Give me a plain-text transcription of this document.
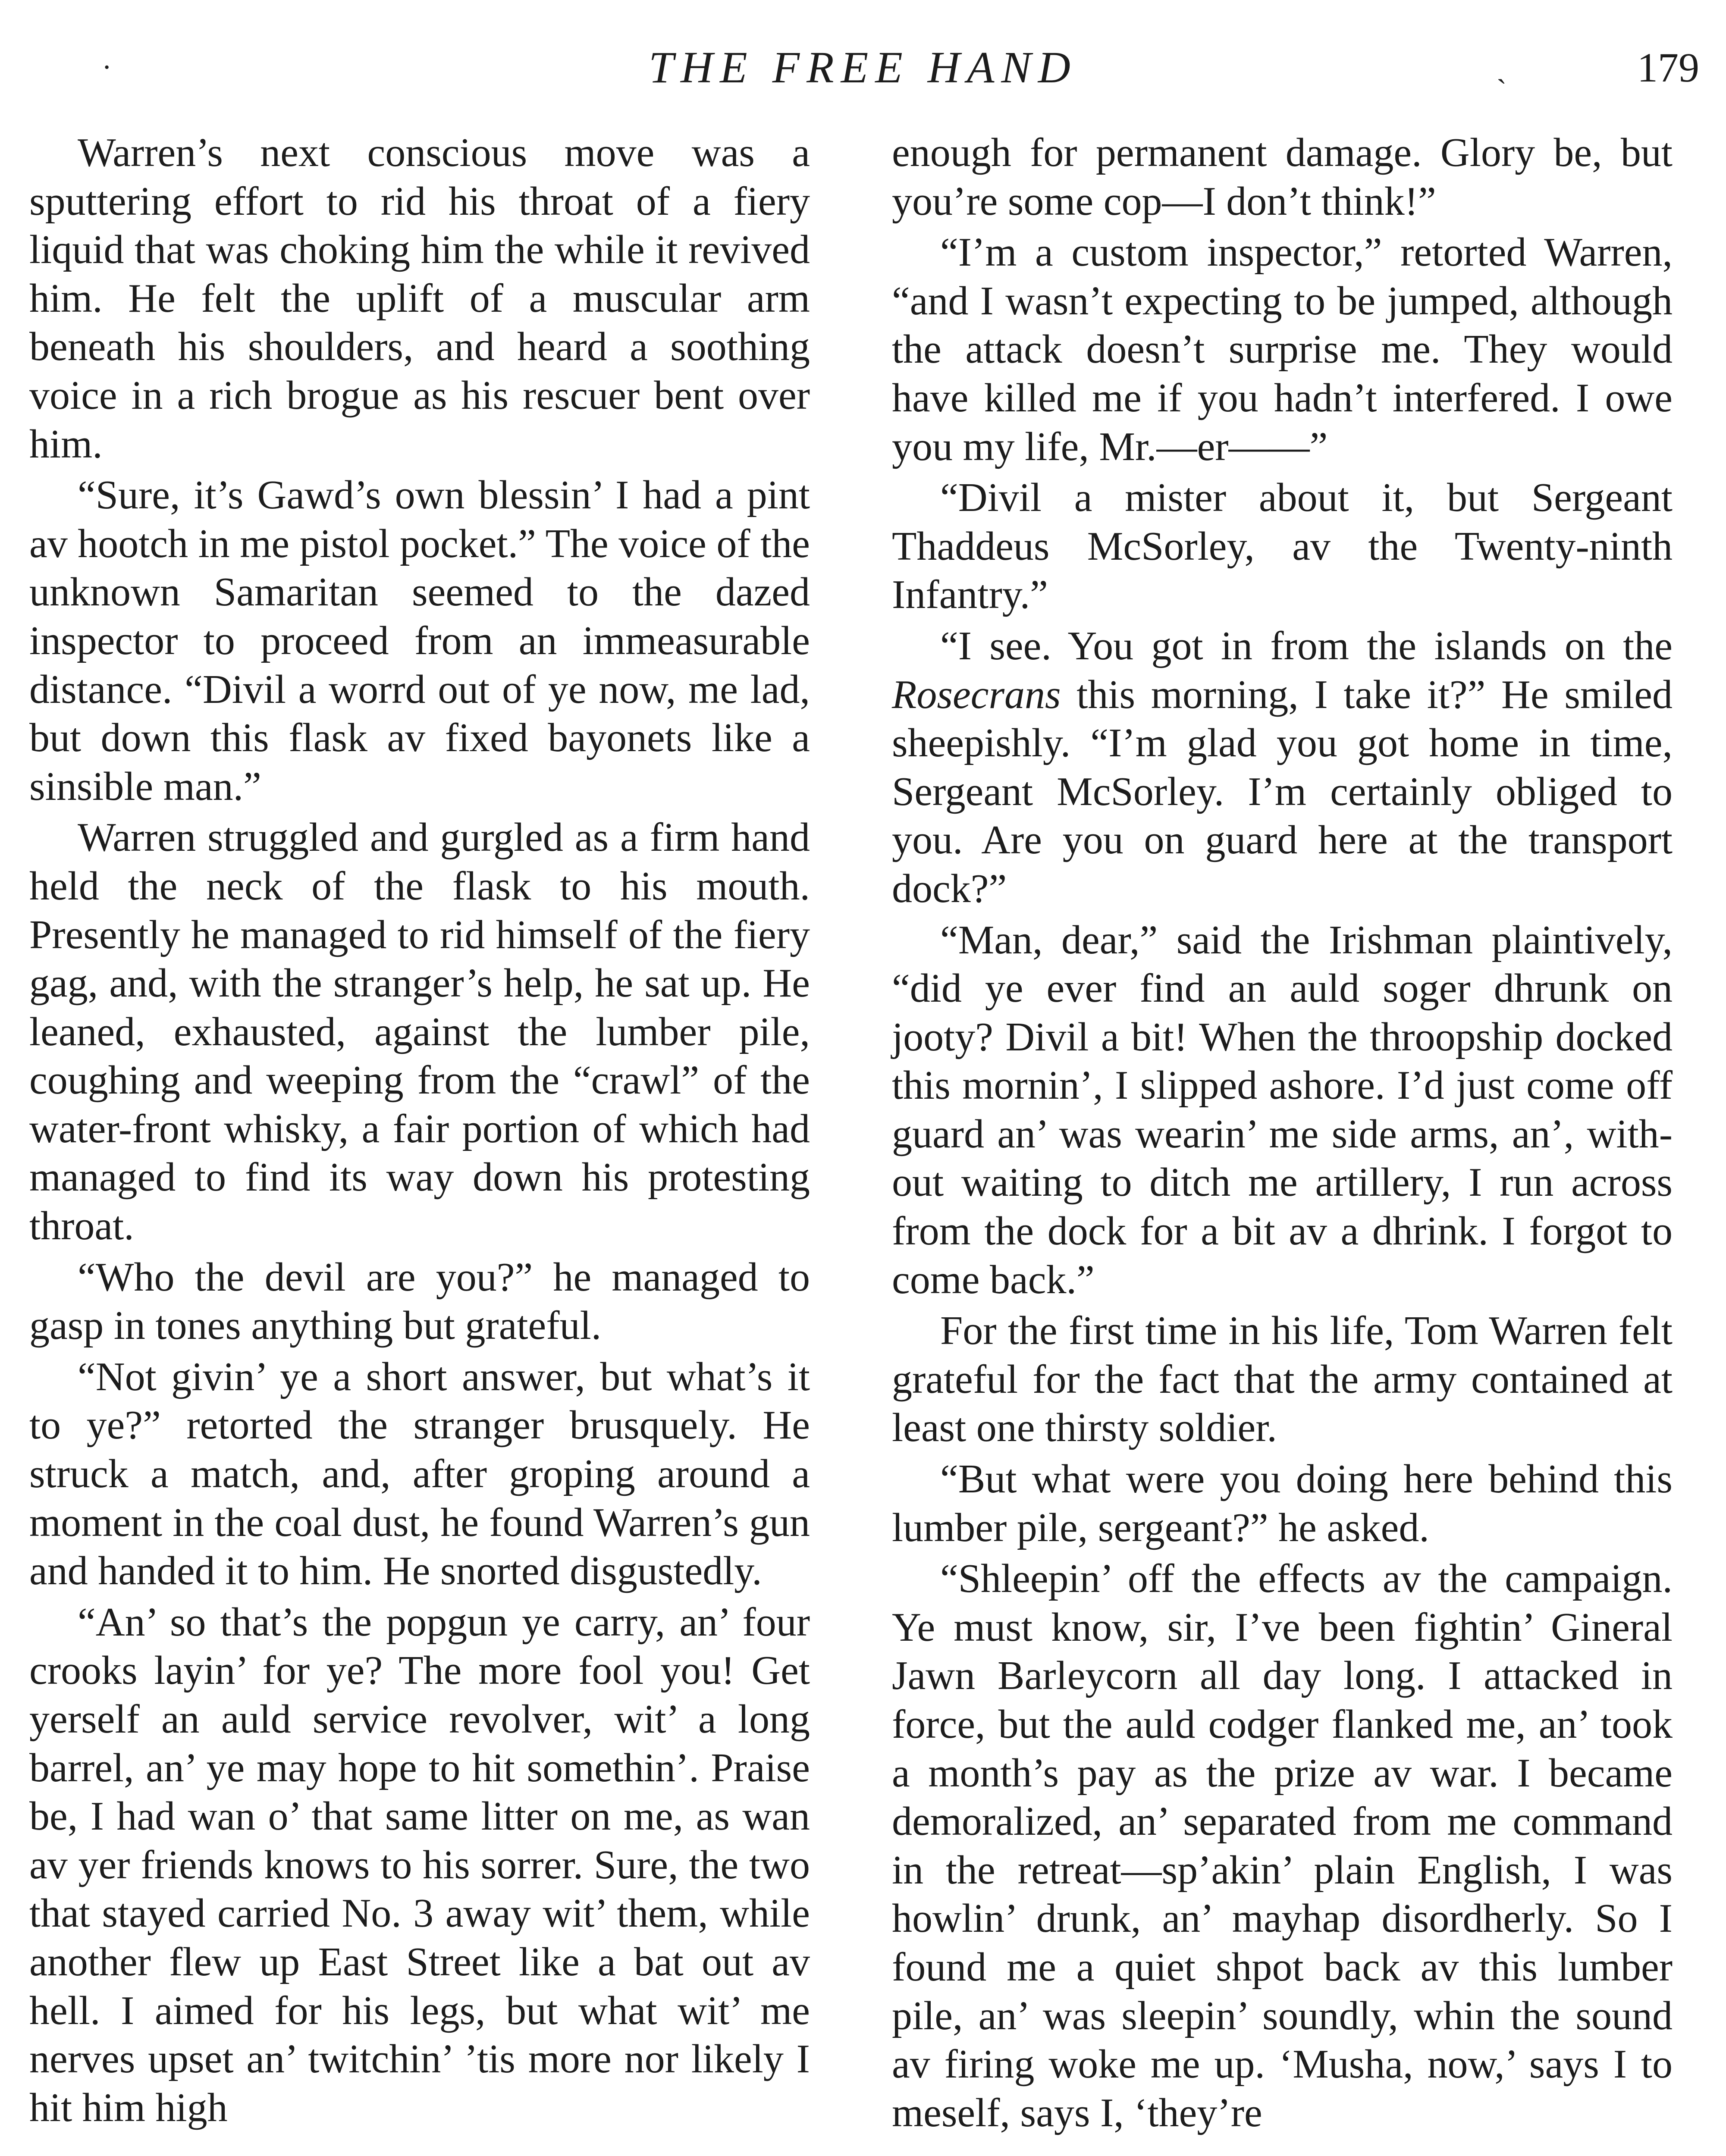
·	THE FREE HAND	ˏ	179

Warren’s next conscious move was a sputtering effort to rid his throat of a fiery liquid that was choking him the while it revived him. He felt the uplift of a muscular arm beneath his shoulders, and heard a soothing voice in a rich brogue as his rescuer bent over him.

“Sure, it’s Gawd’s own blessin’ I had a pint av hootch in me pistol pocket.” The voice of the unknown Samaritan seemed to the dazed inspector to proceed from an immeasurable distance. “Divil a worrd out of ye now, me lad, but down this flask av fixed bayonets like a sinsible man.”

Warren struggled and gurgled as a firm hand held the neck of the flask to his mouth. Presently he managed to rid himself of the fiery gag, and, with the stranger’s help, he sat up. He leaned, exhausted, against the lumber pile, coughing and weeping from the “crawl” of the water-front whisky, a fair portion of which had managed to find its way down his protesting throat.

“Who the devil are you?” he managed to gasp in tones anything but grateful.

“Not givin’ ye a short answer, but what’s it to ye?” retorted the stranger brusquely. He struck a match, and, after groping around a moment in the coal dust, he found Warren’s gun and handed it to him. He snorted disgustedly.

“An’ so that’s the popgun ye carry, an’ four crooks layin’ for ye? The more fool you! Get yerself an auld service revolver, wit’ a long barrel, an’ ye may hope to hit somethin’. Praise be, I had wan o’ that same litter on me, as wan av yer friends knows to his sorrer. Sure, the two that stayed carried No. 3 away wit’ them, while another flew up East Street like a bat out av hell. I aimed for his legs, but what wit’ me nerves upset an’ twitchin’ ’tis more nor likely I hit him high

enough for permanent damage. Glory be, but you’re some cop—I don’t think!”

“I’m a custom inspector,” retorted Warren, “and I wasn’t expecting to be jumped, although the attack doesn’t surprise me. They would have killed me if you hadn’t interfered. I owe you my life, Mr.—er——”

“Divil a mister about it, but Sergeant Thaddeus McSorley, av the Twenty-ninth Infantry.”

“I see. You got in from the islands on the Rosecrans this morning, I take it?” He smiled sheepishly. “I’m glad you got home in time, Sergeant McSorley. I’m certainly obliged to you. Are you on guard here at the transport dock?”

“Man, dear,” said the Irishman plaintively, “did ye ever find an auld soger dhrunk on jooty? Divil a bit! When the throopship docked this mornin’, I slipped ashore. I’d just come off guard an’ was wearin’ me side arms, an’, without waiting to ditch me artillery, I run across from the dock for a bit av a dhrink. I forgot to come back.”

For the first time in his life, Tom Warren felt grateful for the fact that the army contained at least one thirsty soldier.

“But what were you doing here behind this lumber pile, sergeant?” he asked.

“Shleepin’ off the effects av the campaign. Ye must know, sir, I’ve been fightin’ Gineral Jawn Barleycorn all day long. I attacked in force, but the auld codger flanked me, an’ took a month’s pay as the prize av war. I became demoralized, an’ separated from me command in the retreat—sp’akin’ plain English, I was howlin’ drunk, an’ mayhap disordherly. So I found me a quiet shpot back av this lumber pile, an’ was sleepin’ soundly, whin the sound av firing woke me up. ‘Musha, now,’ says I to meself, says I, ‘they’re
